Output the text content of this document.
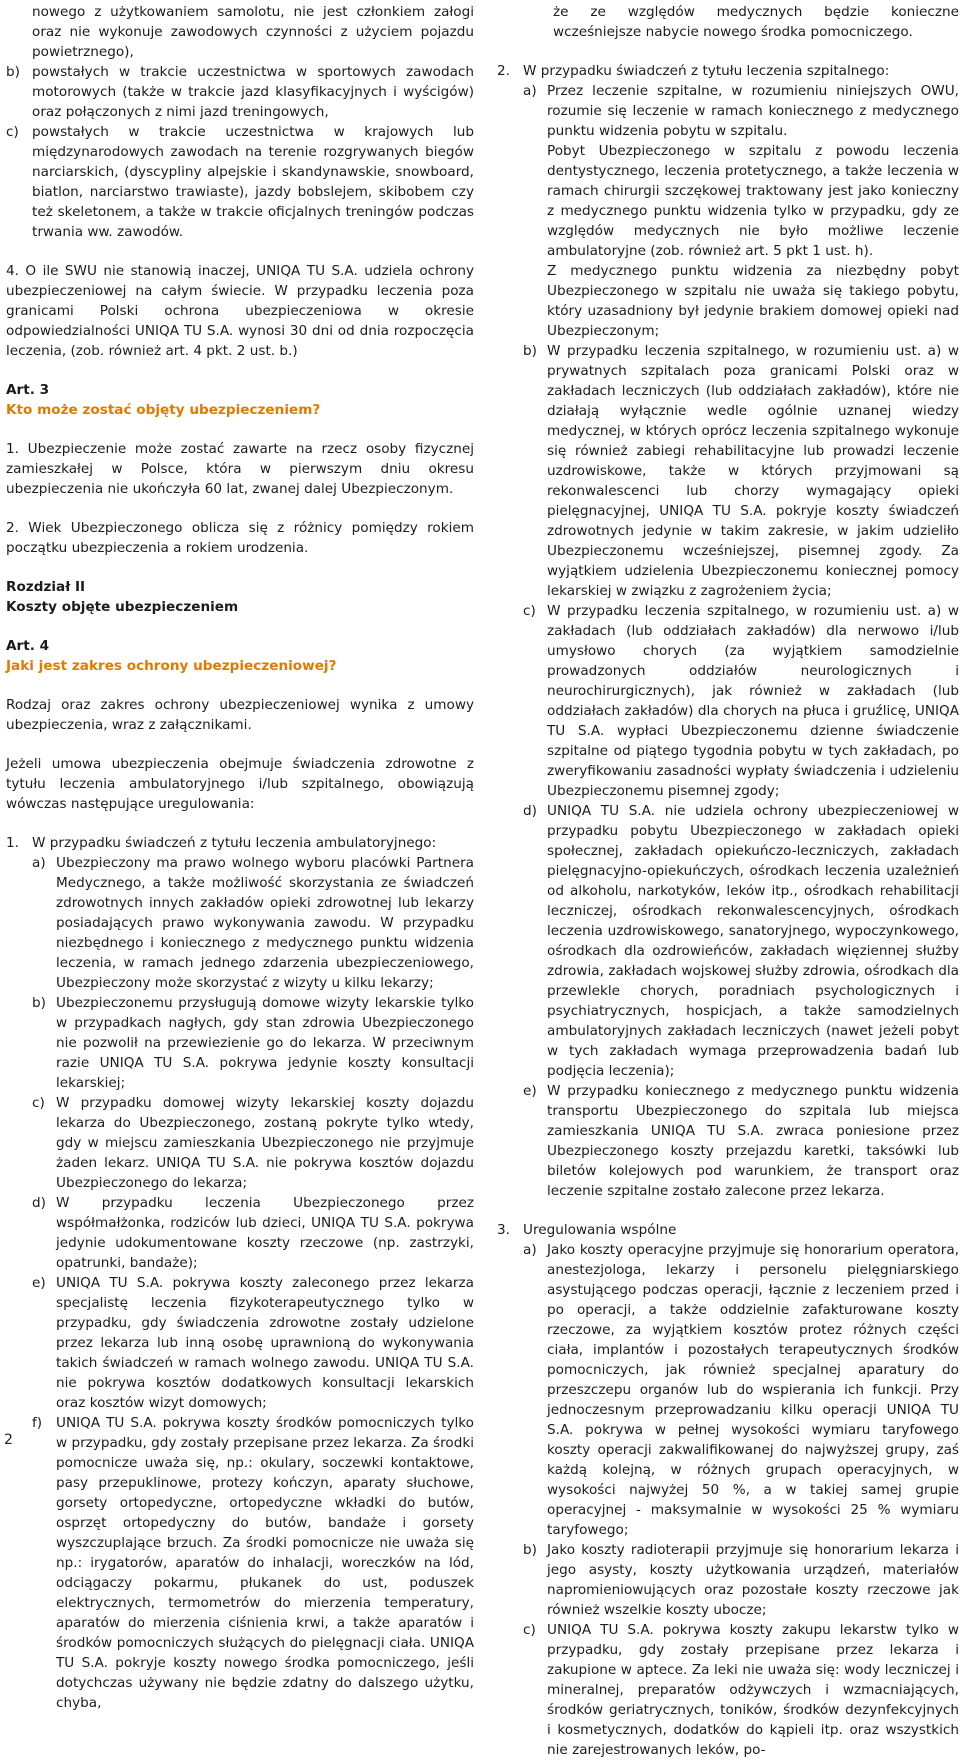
nowego z użytkowaniem samolotu, nie jest członkiem załogi oraz nie wykonuje zawodowych czynności z użyciem pojazdu powietrznego),

b) powstałych w trakcie uczestnictwa w sportowych zawodach motorowych (także w trakcie jazd klasyfikacyjnych i wyścigów) oraz połączonych z nimi jazd treningowych,
c) powstałych w trakcie uczestnictwa w krajowych lub międzynarodowych zawodach na terenie rozgrywanych biegów narciarskich, (dyscypliny alpejskie i skandynawskie, snowboard, biatlon, narciarstwo trawiaste), jazdy bobslejem, skibobem czy też skeletonem, a także w trakcie oficjalnych treningów podczas trwania ww. zawodów.

4. O ile SWU nie stanowią inaczej, UNIQA TU S.A. udziela ochrony ubezpieczeniowej na całym świecie. W przypadku leczenia poza granicami Polski ochrona ubezpieczeniowa w okresie odpowiedzialności UNIQA TU S.A. wynosi 30 dni od dnia rozpoczęcia leczenia, (zob. również art. 4 pkt. 2 ust. b.)

Art. 3

Kto może zostać objęty ubezpieczeniem?

1. Ubezpieczenie może zostać zawarte na rzecz osoby fizycznej zamieszkałej w Polsce, która w pierwszym dniu okresu ubezpieczenia nie ukończyła 60 lat, zwanej dalej Ubezpieczonym.

2. Wiek Ubezpieczonego oblicza się z różnicy pomiędzy rokiem początku ubezpieczenia a rokiem urodzenia.

Rozdział II

Koszty objęte ubezpieczeniem

Art. 4

Jaki jest zakres ochrony ubezpieczeniowej?

Rodzaj oraz zakres ochrony ubezpieczeniowej wynika z umowy ubezpieczenia, wraz z załącznikami.

Jeżeli umowa ubezpieczenia obejmuje świadczenia zdrowotne z tytułu leczenia ambulatoryjnego i/lub szpitalnego, obowiązują wówczas następujące uregulowania:

1. W przypadku świadczeń z tytułu leczenia ambulatoryjnego:
a) Ubezpieczony ma prawo wolnego wyboru placówki Partnera Medycznego, a także możliwość skorzystania ze świadczeń zdrowotnych innych zakładów opieki zdrowotnej lub lekarzy posiadających prawo wykonywania zawodu. W przypadku niezbędnego i koniecznego z medycznego punktu widzenia leczenia, w ramach jednego zdarzenia ubezpieczeniowego, Ubezpieczony może skorzystać z wizyty u kilku lekarzy;
b) Ubezpieczonemu przysługują domowe wizyty lekarskie tylko w przypadkach nagłych, gdy stan zdrowia Ubezpieczonego nie pozwolił na przewiezienie go do lekarza. W przeciwnym razie UNIQA TU S.A. pokrywa jedynie koszty konsultacji lekarskiej;
c) W przypadku domowej wizyty lekarskiej koszty dojazdu lekarza do Ubezpieczonego, zostaną pokryte tylko wtedy, gdy w miejscu zamieszkania Ubezpieczonego nie przyjmuje żaden lekarz. UNIQA TU S.A. nie pokrywa kosztów dojazdu Ubezpieczonego do lekarza;
d) W przypadku leczenia Ubezpieczonego przez współmałżonka, rodziców lub dzieci, UNIQA TU S.A. pokrywa jedynie udokumentowane koszty rzeczowe (np. zastrzyki, opatrunki, bandaże);
e) UNIQA TU S.A. pokrywa koszty zaleconego przez lekarza specjalistę leczenia fizykoterapeutycznego tylko w przypadku, gdy świadczenia zdrowotne zostały udzielone przez lekarza lub inną osobę uprawnioną do wykonywania takich świadczeń w ramach wolnego zawodu. UNIQA TU S.A. nie pokrywa kosztów dodatkowych konsultacji lekarskich oraz kosztów wizyt domowych;
f)	UNIQA TU S.A. pokrywa koszty środków pomocniczych tylko w przypadku, gdy zostały przepisane przez lekarza. Za środki pomocnicze uważa się, np.: okulary, soczewki kontaktowe, pasy przepuklinowe, protezy kończyn, aparaty słuchowe, gorsety ortopedyczne, ortopedyczne wkładki do butów, osprzęt ortopedyczny do butów, bandaże i gorsety wyszczuplające brzuch. Za środki pomocnicze nie uważa się np.: irygatorów, aparatów do inhalacji, woreczków na lód, odciągaczy pokarmu, płukanek do ust, poduszek elektrycznych, termometrów do mierzenia temperatury, aparatów do mierzenia ciśnienia krwi, a także aparatów i środków pomocniczych służących do pielęgnacji ciała. UNIQA TU S.A. pokryje koszty nowego środka pomocniczego, jeśli dotychczas używany nie będzie zdatny do dalszego użytku, chyba,

że ze względów medycznych będzie konieczne wcześniejsze nabycie nowego środka pomocniczego.

2. W przypadku świadczeń z tytułu leczenia szpitalnego:
a) Przez leczenie szpitalne, w rozumieniu niniejszych OWU, rozumie się leczenie w ramach koniecznego z medycznego punktu widzenia pobytu w szpitalu.

Pobyt Ubezpieczonego w szpitalu z powodu leczenia dentystycznego, leczenia protetycznego, a także leczenia w ramach chirurgii szczękowej traktowany jest jako konieczny z medycznego punktu widzenia tylko w przypadku, gdy ze względów medycznych nie było możliwe leczenie ambulatoryjne (zob. również art. 5 pkt 1 ust. h).

Z medycznego punktu widzenia za niezbędny pobyt Ubezpieczonego w szpitalu nie uważa się takiego pobytu, który uzasadniony był jedynie brakiem domowej opieki nad Ubezpieczonym;

b) W przypadku leczenia szpitalnego, w rozumieniu ust. a) w prywatnych szpitalach poza granicami Polski oraz w zakładach leczniczych (lub oddziałach zakładów), które nie działają wyłącznie wedle ogólnie uznanej wiedzy medycznej, w których oprócz leczenia szpitalnego wykonuje się również zabiegi rehabilitacyjne lub prowadzi leczenie uzdrowiskowe, także w których przyjmowani są rekonwalescenci lub chorzy wymagający opieki pielęgnacyjnej, UNIQA TU S.A. pokryje koszty świadczeń zdrowotnych jedynie w takim zakresie, w jakim udzieliło Ubezpieczonemu wcześniejszej, pisemnej zgody. Za wyjątkiem udzielenia Ubezpieczonemu koniecznej pomocy lekarskiej w związku z zagrożeniem życia;
c) W przypadku leczenia szpitalnego, w rozumieniu ust. a) w zakładach (lub oddziałach zakładów) dla nerwowo i/lub umysłowo chorych (za wyjątkiem samodzielnie prowadzonych oddziałów neurologicznych i neurochirurgicznych), jak również w zakładach (lub oddziałach zakładów) dla chorych na płuca i gruźlicę, UNIQA TU S.A. wypłaci Ubezpieczonemu dzienne świadczenie szpitalne od piątego tygodnia pobytu w tych zakładach, po zweryfikowaniu zasadności wypłaty świadczenia i udzieleniu Ubezpieczonemu pisemnej zgody;
d) UNIQA TU S.A. nie udziela ochrony ubezpieczeniowej w przypadku pobytu Ubezpieczonego w zakładach opieki społecznej, zakładach opiekuńczo-leczniczych, zakładach pielęgnacyjno-opiekuńczych, ośrodkach leczenia uzależnień od alkoholu, narkotyków, leków itp., ośrodkach rehabilitacji leczniczej, ośrodkach rekonwalescencyjnych, ośrodkach leczenia uzdrowiskowego, sanatoryjnego, wypoczynkowego, ośrodkach dla ozdrowieńców, zakładach więziennej służby zdrowia, zakładach wojskowej służby zdrowia, ośrodkach dla przewlekle chorych, poradniach psychologicznych i psychiatrycznych, hospicjach, a także samodzielnych ambulatoryjnych zakładach leczniczych (nawet jeżeli pobyt w tych zakładach wymaga przeprowadzenia badań lub podjęcia leczenia);
e) W przypadku koniecznego z medycznego punktu widzenia transportu Ubezpieczonego do szpitala lub miejsca zamieszkania UNIQA TU S.A. zwraca poniesione przez Ubezpieczonego koszty przejazdu karetki, taksówki lub biletów kolejowych pod warunkiem, że transport oraz leczenie szpitalne zostało zalecone przez lekarza.
3. Uregulowania wspólne
a) Jako koszty operacyjne przyjmuje się honorarium operatora, anestezjologa, lekarzy i personelu pielęgniarskiego asystującego podczas operacji, łącznie z leczeniem przed i po operacji, a także oddzielnie zafakturowane koszty rzeczowe, za wyjątkiem kosztów protez różnych części ciała, implantów i pozostałych terapeutycznych środków pomocniczych, jak również specjalnej aparatury do przeszczepu organów lub do wspierania ich funkcji. Przy jednoczesnym przeprowadzaniu kilku operacji UNIQA TU S.A. pokrywa w pełnej wysokości wymiaru taryfowego koszty operacji zakwalifikowanej do najwyższej grupy, zaś każdą kolejną, w różnych grupach operacyjnych, w wysokości najwyżej 50 %, a w takiej samej grupie operacyjnej - maksymalnie w wysokości 25 % wymiaru taryfowego;
b) Jako koszty radioterapii przyjmuje się honorarium lekarza i jego asysty, koszty użytkowania urządzeń, materiałów napromieniowujących oraz pozostałe koszty rzeczowe jak również wszelkie koszty ubocze;
c) UNIQA TU S.A. pokrywa koszty zakupu lekarstw tylko w przypadku, gdy zostały przepisane przez lekarza i zakupione w aptece. Za leki nie uważa się: wody leczniczej i mineralnej, preparatów odżywczych i wzmacniających, środków geriatrycznych, toników, środków dezynfekcyjnych i kosmetycznych, dodatków do kąpieli itp. oraz wszystkich nie zarejestrowanych leków, po-
2
